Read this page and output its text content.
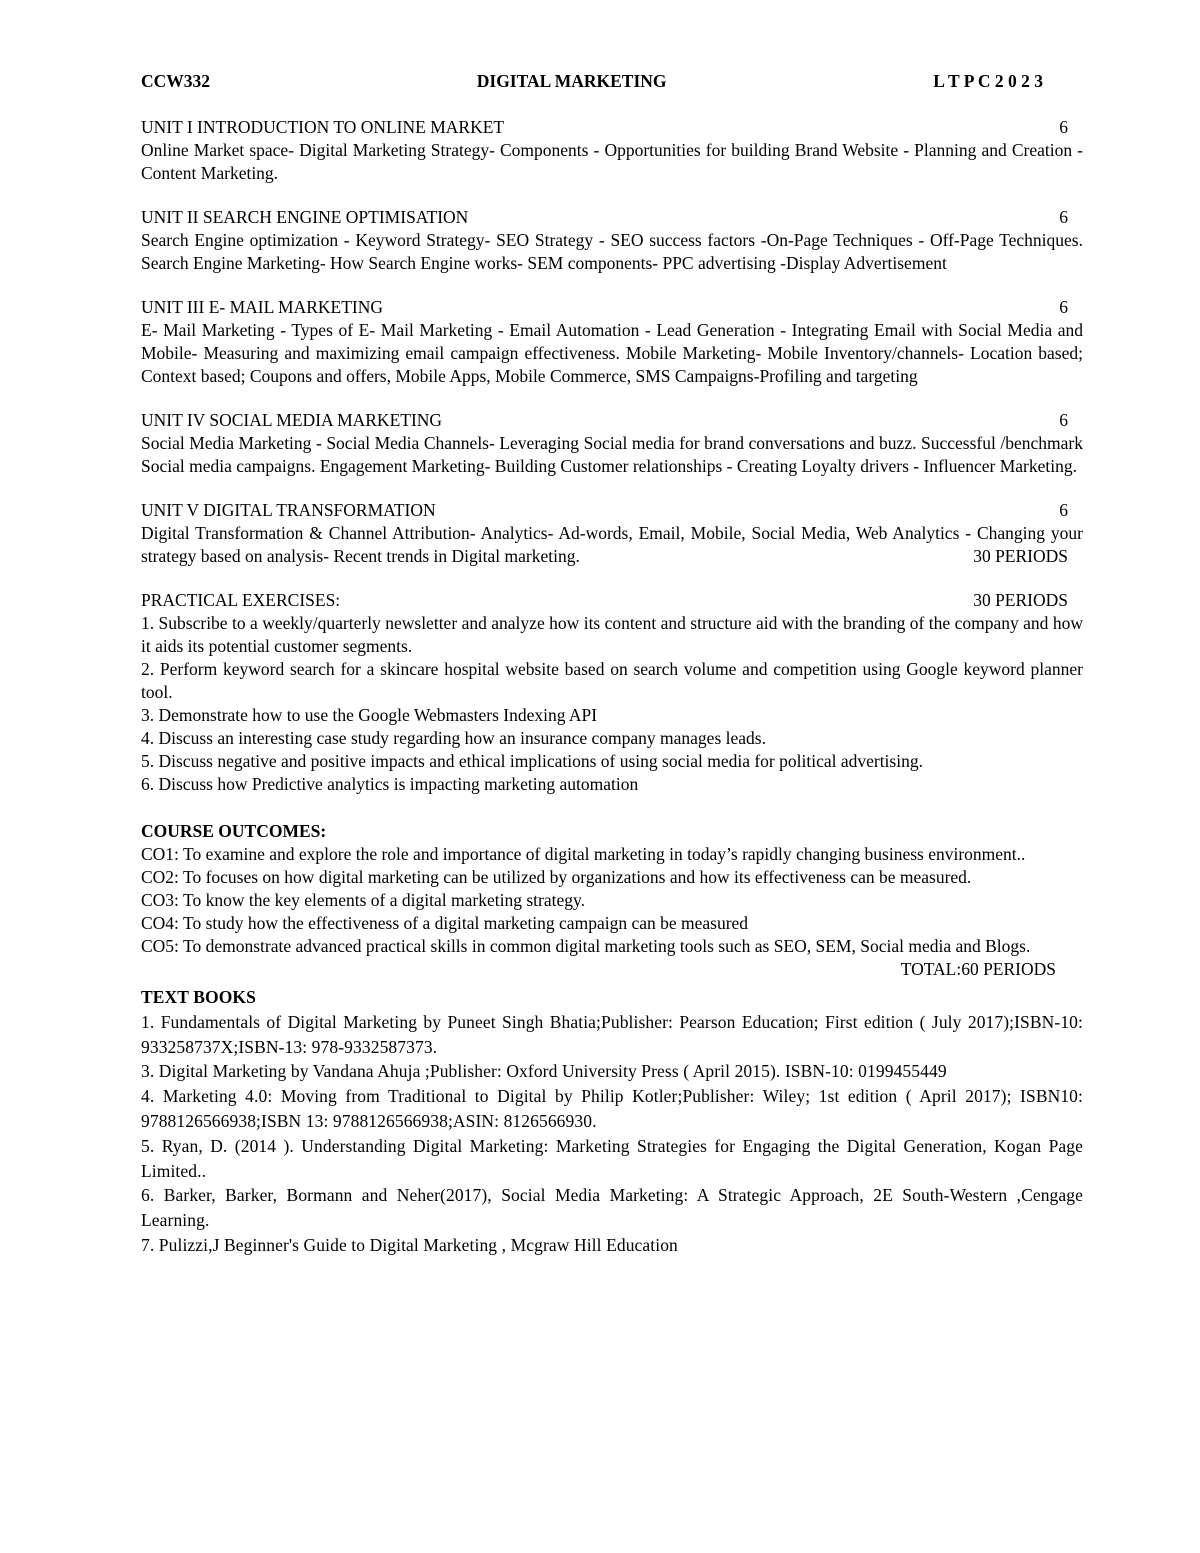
CCW332	DIGITAL MARKETING	L T P C 2 0 2 3
UNIT I INTRODUCTION TO ONLINE MARKET	6

Online Market space- Digital Marketing Strategy- Components - Opportunities for building Brand Website - Planning and Creation - Content Marketing.

UNIT II SEARCH ENGINE OPTIMISATION	6

Search Engine optimization - Keyword Strategy- SEO Strategy - SEO success factors -On-Page Techniques - Off-Page Techniques. Search Engine Marketing- How Search Engine works- SEM components- PPC advertising -Display Advertisement

UNIT III E- MAIL MARKETING	6

E- Mail Marketing - Types of E- Mail Marketing - Email Automation - Lead Generation - Integrating Email with Social Media and Mobile- Measuring and maximizing email campaign effectiveness. Mobile Marketing- Mobile Inventory/channels- Location based; Context based; Coupons and offers, Mobile Apps, Mobile Commerce, SMS Campaigns-Profiling and targeting

UNIT IV SOCIAL MEDIA MARKETING	6

Social Media Marketing - Social Media Channels- Leveraging Social media for brand conversations and buzz. Successful /benchmark Social media campaigns. Engagement Marketing- Building Customer relationships - Creating Loyalty drivers - Influencer Marketing.

UNIT V DIGITAL TRANSFORMATION	6

Digital Transformation & Channel Attribution- Analytics- Ad-words, Email, Mobile, Social Media, Web Analytics - Changing your strategy based on analysis- Recent trends in Digital marketing.	30 PERIODS

PRACTICAL EXERCISES:	30 PERIODS

1. Subscribe to a weekly/quarterly newsletter and analyze how its content and structure aid with the branding of the company and how it aids its potential customer segments.

2. Perform keyword search for a skincare hospital website based on search volume and competition using Google keyword planner tool.

3. Demonstrate how to use the Google Webmasters Indexing API

4. Discuss an interesting case study regarding how an insurance company manages leads.

5. Discuss negative and positive impacts and ethical implications of using social media for political advertising.

6. Discuss how Predictive analytics is impacting marketing automation

COURSE OUTCOMES:

CO1: To examine and explore the role and importance of digital marketing in today’s rapidly changing business environment..

CO2: To focuses on how digital marketing can be utilized by organizations and how its effectiveness can be measured.

CO3: To know the key elements of a digital marketing strategy.

CO4: To study how the effectiveness of a digital marketing campaign can be measured

CO5: To demonstrate advanced practical skills in common digital marketing tools such as SEO, SEM, Social media and Blogs.
TOTAL:60 PERIODS

TEXT BOOKS

1. Fundamentals of Digital Marketing by Puneet Singh Bhatia;Publisher: Pearson Education; First edition ( July 2017);ISBN-10: 933258737X;ISBN-13: 978-9332587373.

3. Digital Marketing by Vandana Ahuja ;Publisher: Oxford University Press ( April 2015). ISBN-10: 0199455449

4. Marketing 4.0: Moving from Traditional to Digital by Philip Kotler;Publisher: Wiley; 1st edition ( April 2017); ISBN10: 9788126566938;ISBN 13: 9788126566938;ASIN: 8126566930.

5. Ryan, D. (2014 ). Understanding Digital Marketing: Marketing Strategies for Engaging the Digital Generation, Kogan Page Limited..

6. Barker, Barker, Bormann and Neher(2017), Social Media Marketing: A Strategic Approach, 2E South-Western ,Cengage Learning.

7. Pulizzi,J Beginner's Guide to Digital Marketing , Mcgraw Hill Education
